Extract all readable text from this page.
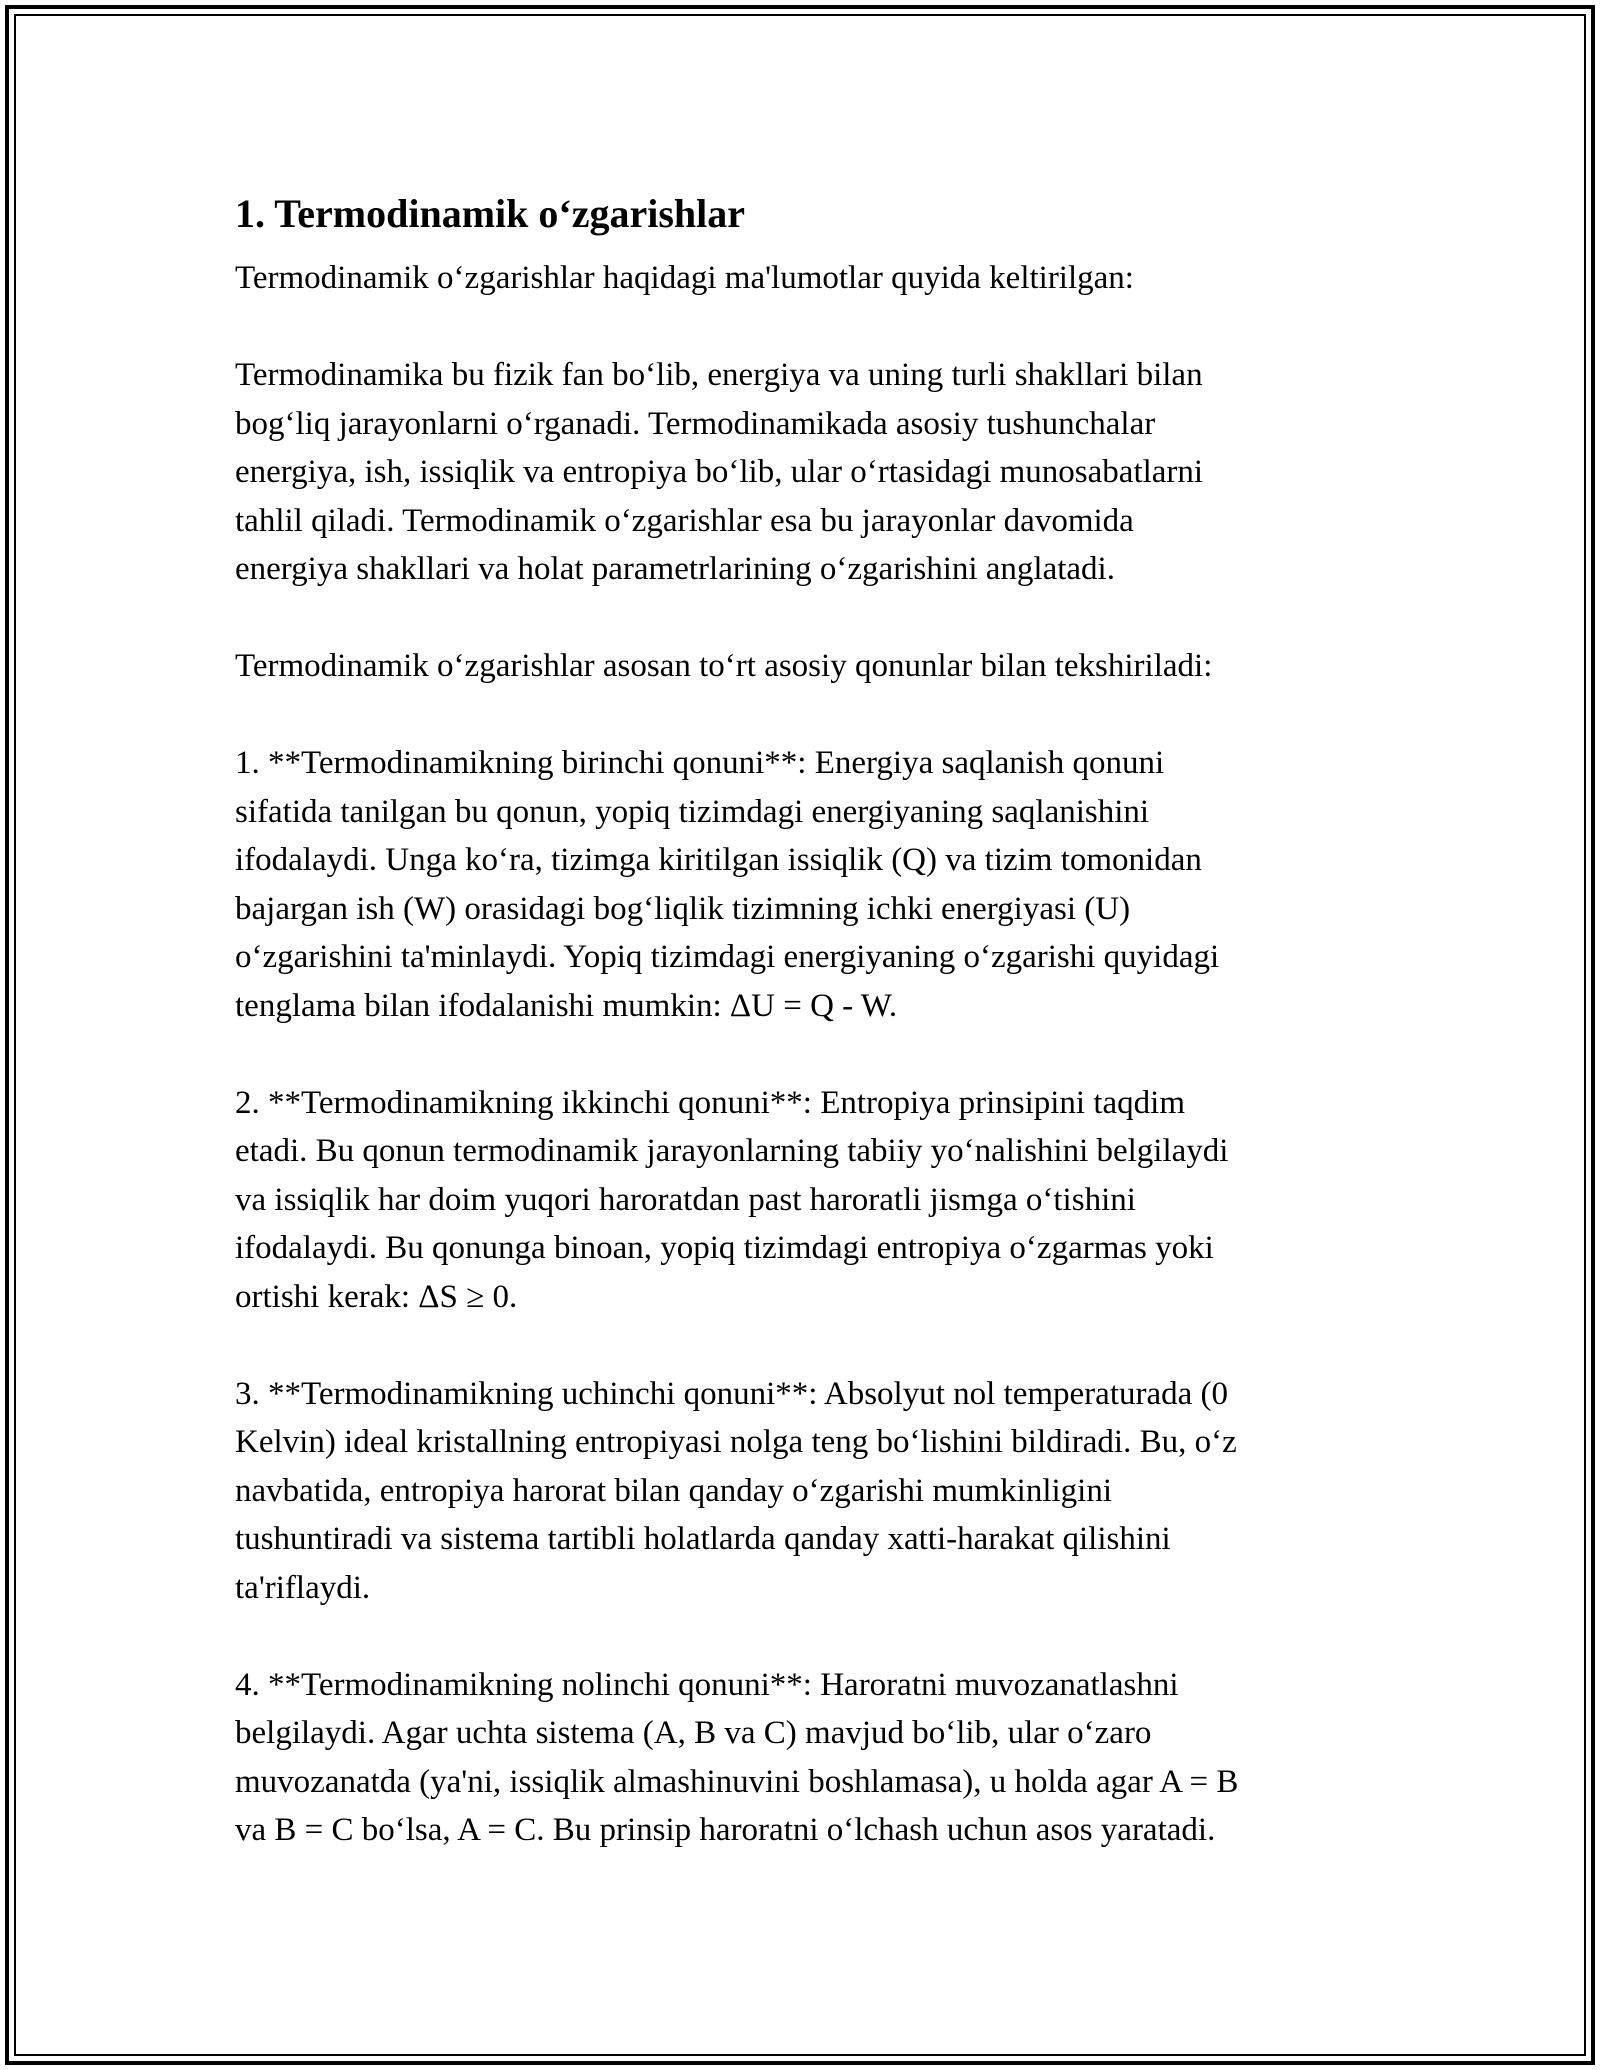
1. Termodinamik o‘zgarishlar

Termodinamik o‘zgarishlar haqidagi ma'lumotlar quyida keltirilgan:

Termodinamika bu fizik fan bo‘lib, energiya va uning turli shakllari bilan
bog‘liq jarayonlarni o‘rganadi. Termodinamikada asosiy tushunchalar
energiya, ish, issiqlik va entropiya bo‘lib, ular o‘rtasidagi munosabatlarni
tahlil qiladi. Termodinamik o‘zgarishlar esa bu jarayonlar davomida
energiya shakllari va holat parametrlarining o‘zgarishini anglatadi.

Termodinamik o‘zgarishlar asosan to‘rt asosiy qonunlar bilan tekshiriladi:

1. **Termodinamikning birinchi qonuni**: Energiya saqlanish qonuni
sifatida tanilgan bu qonun, yopiq tizimdagi energiyaning saqlanishini
ifodalaydi. Unga ko‘ra, tizimga kiritilgan issiqlik (Q) va tizim tomonidan
bajargan ish (W) orasidagi bog‘liqlik tizimning ichki energiyasi (U)
o‘zgarishini ta'minlaydi. Yopiq tizimdagi energiyaning o‘zgarishi quyidagi
tenglama bilan ifodalanishi mumkin: ΔU = Q - W.

2. **Termodinamikning ikkinchi qonuni**: Entropiya prinsipini taqdim
etadi. Bu qonun termodinamik jarayonlarning tabiiy yo‘nalishini belgilaydi
va issiqlik har doim yuqori haroratdan past haroratli jismga o‘tishini
ifodalaydi. Bu qonunga binoan, yopiq tizimdagi entropiya o‘zgarmas yoki
ortishi kerak: ΔS ≥ 0.

3. **Termodinamikning uchinchi qonuni**: Absolyut nol temperaturada (0
Kelvin) ideal kristallning entropiyasi nolga teng bo‘lishini bildiradi. Bu, o‘z
navbatida, entropiya harorat bilan qanday o‘zgarishi mumkinligini
tushuntiradi va sistema tartibli holatlarda qanday xatti-harakat qilishini
ta'riflaydi.

4. **Termodinamikning nolinchi qonuni**: Haroratni muvozanatlashni
belgilaydi. Agar uchta sistema (A, B va C) mavjud bo‘lib, ular o‘zaro
muvozanatda (ya'ni, issiqlik almashinuvini boshlamasa), u holda agar A = B
va B = C bo‘lsa, A = C. Bu prinsip haroratni o‘lchash uchun asos yaratadi.
